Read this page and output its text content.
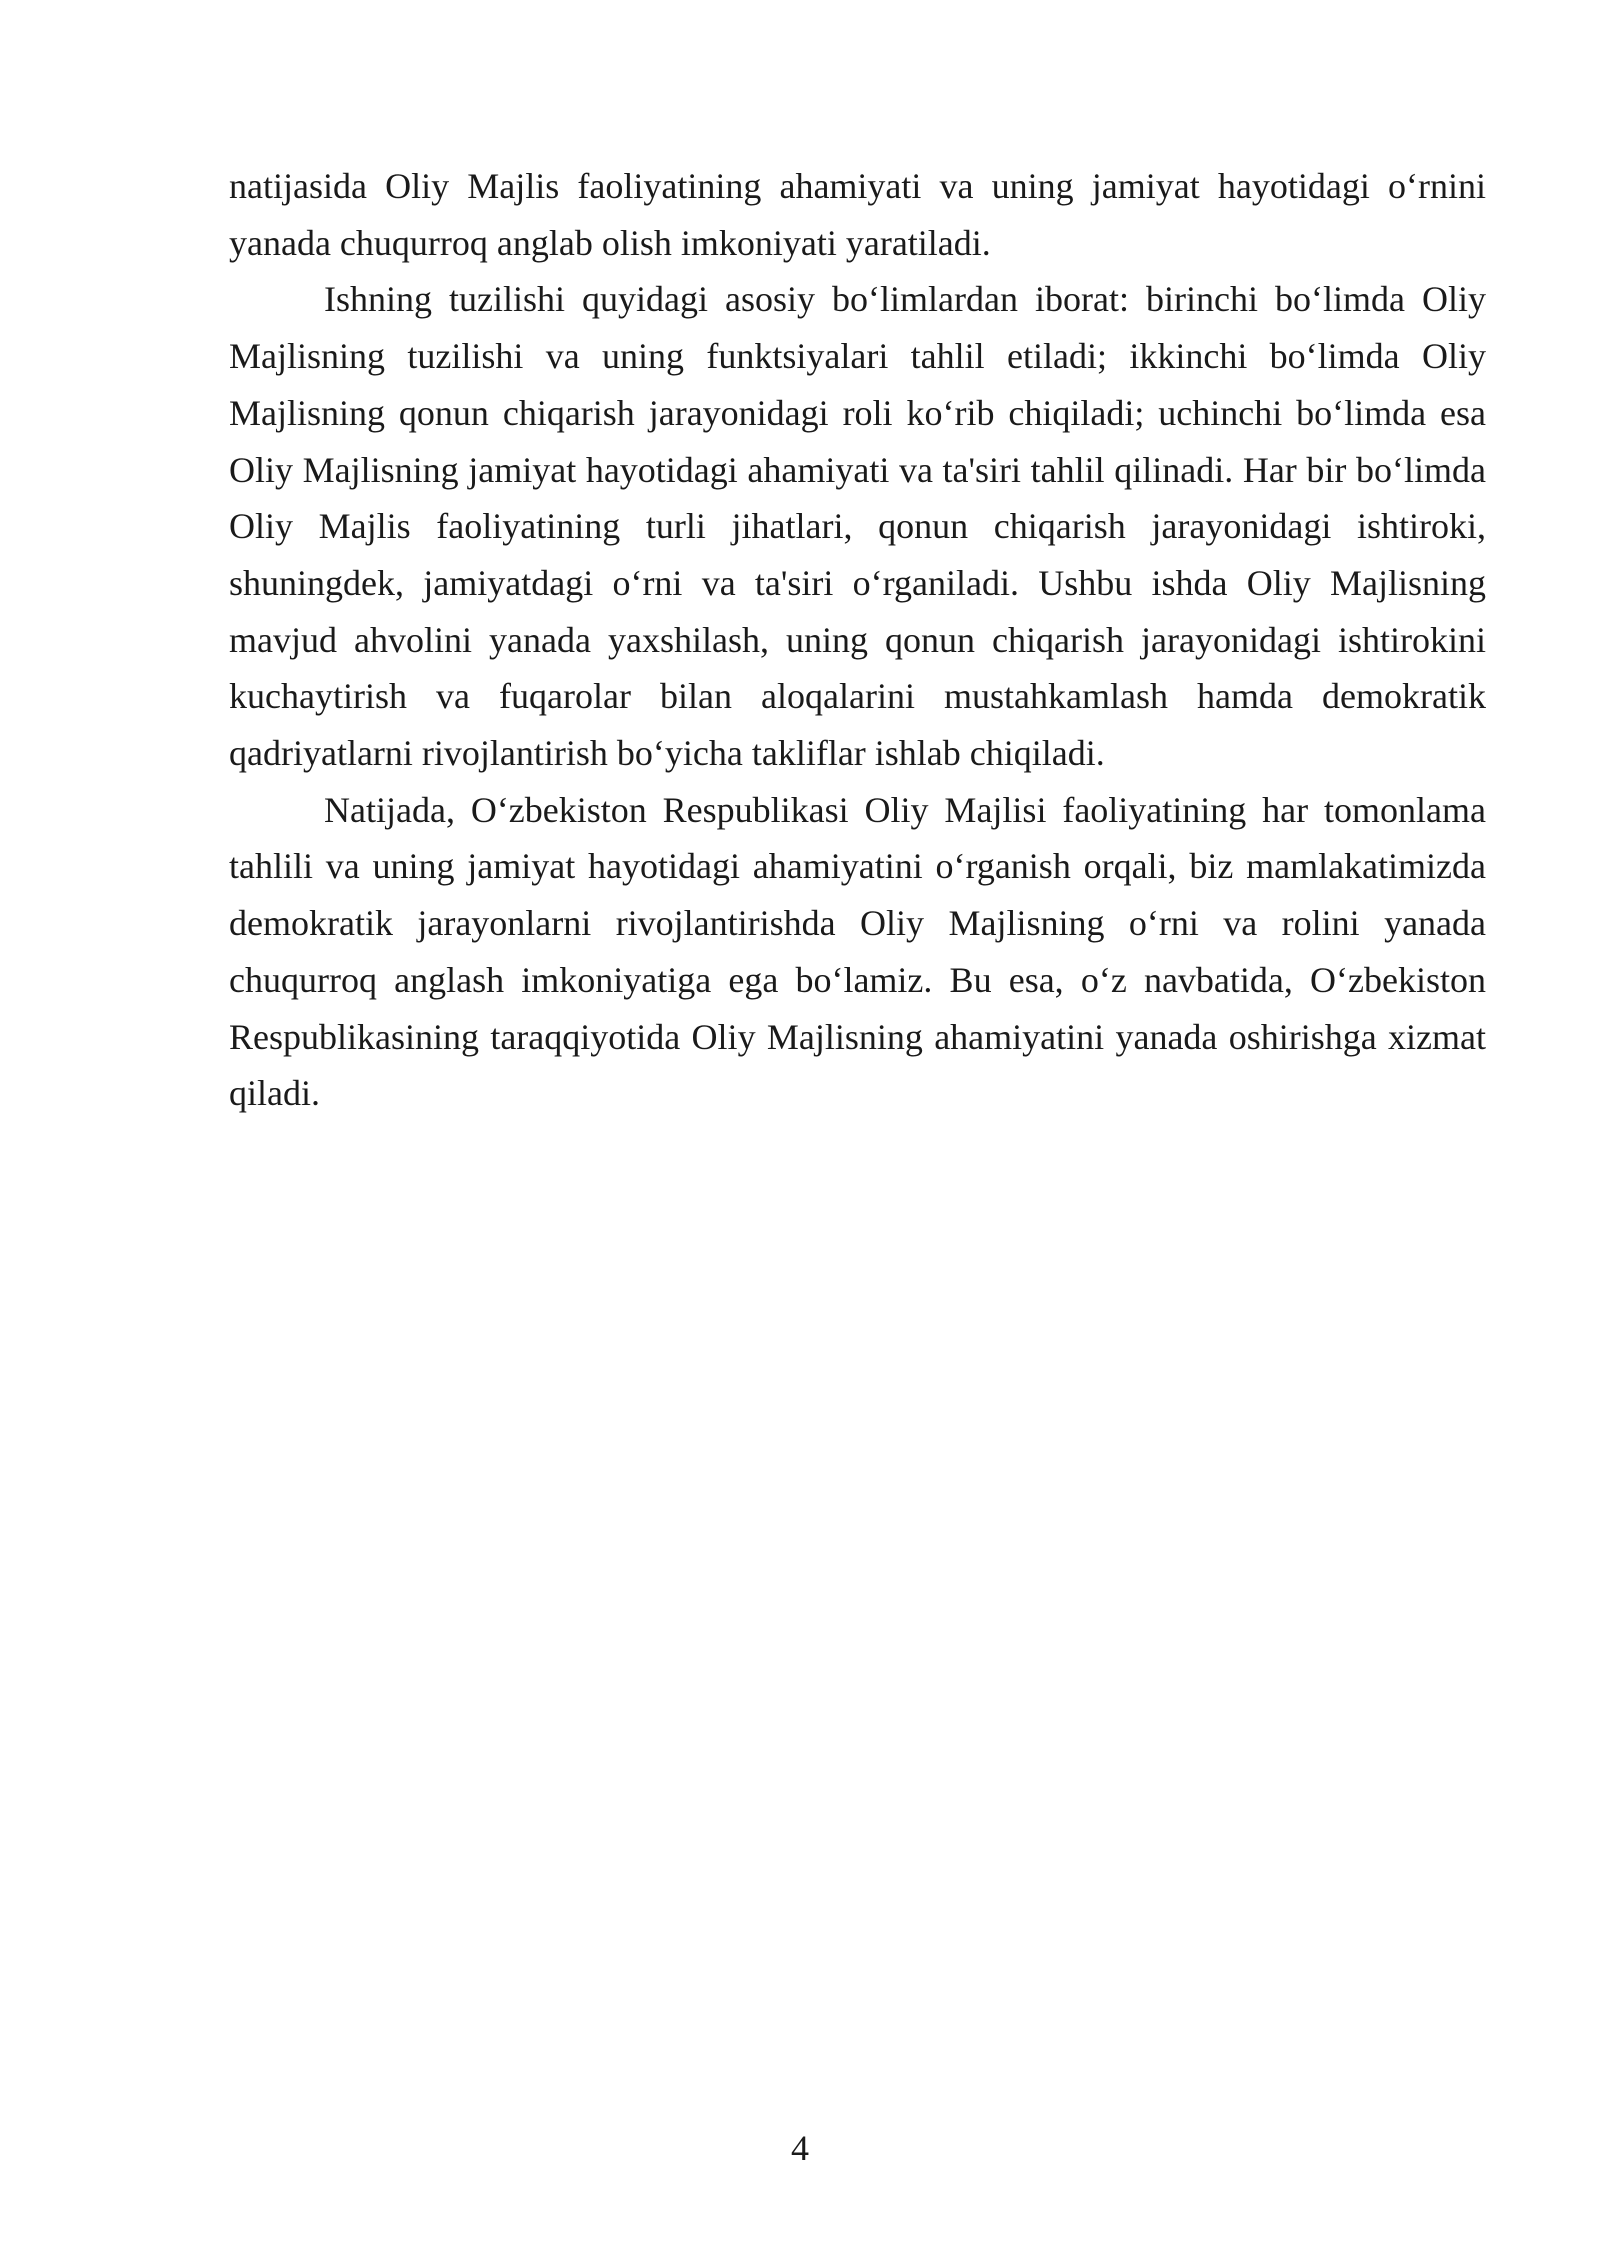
natijasida Oliy Majlis faoliyatining ahamiyati va uning jamiyat hayotidagi o‘rnini yanada chuqurroq anglab olish imkoniyati yaratiladi.

Ishning tuzilishi quyidagi asosiy bo‘limlardan iborat: birinchi bo‘limda Oliy Majlisning tuzilishi va uning funktsiyalari tahlil etiladi; ikkinchi bo‘limda Oliy Majlisning qonun chiqarish jarayonidagi roli ko‘rib chiqiladi; uchinchi bo‘limda esa Oliy Majlisning jamiyat hayotidagi ahamiyati va ta'siri tahlil qilinadi. Har bir bo‘limda Oliy Majlis faoliyatining turli jihatlari, qonun chiqarish jarayonidagi ishtiroki, shuningdek, jamiyatdagi o‘rni va ta'siri o‘rganiladi. Ushbu ishda Oliy Majlisning mavjud ahvolini yanada yaxshilash, uning qonun chiqarish jarayonidagi ishtirokini kuchaytirish va fuqarolar bilan aloqalarini mustahkamlash hamda demokratik qadriyatlarni rivojlantirish bo‘yicha takliflar ishlab chiqiladi.

Natijada, O‘zbekiston Respublikasi Oliy Majlisi faoliyatining har tomonlama tahlili va uning jamiyat hayotidagi ahamiyatini o‘rganish orqali, biz mamlakatimizda demokratik jarayonlarni rivojlantirishda Oliy Majlisning o‘rni va rolini yanada chuqurroq anglash imkoniyatiga ega bo‘lamiz. Bu esa, o‘z navbatida, O‘zbekiston Respublikasining taraqqiyotida Oliy Majlisning ahamiyatini yanada oshirishga xizmat qiladi.

4
